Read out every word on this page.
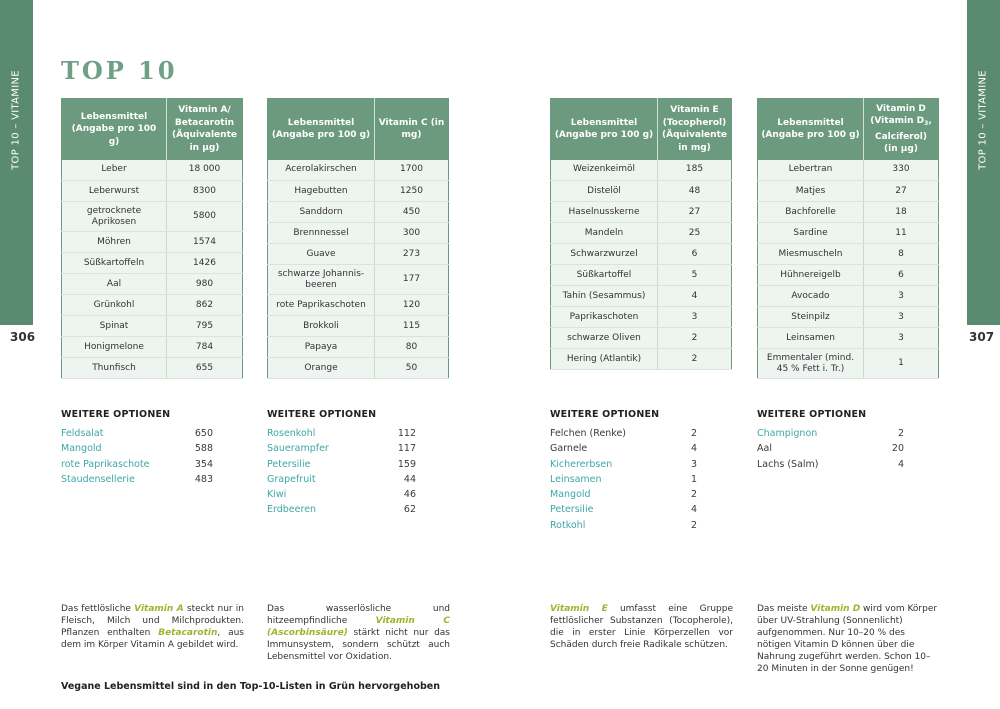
TOP 10 – VITAMINE	TOP 10 – VITAMINE
306	307
TOP 10
Lebensmittel (Angabe pro 100 g)	Vitamin A/ Betacarotin (Äquivalente in µg)
Leber	18 000
Leberwurst	8300
getrocknete Aprikosen	5800
Möhren	1574
Süßkartoffeln	1426
Aal	980
Grünkohl	862
Spinat	795
Honigmelone	784
Thunfisch	655
Lebensmittel (Angabe pro 100 g)	Vitamin C (in mg)
Acerolakirschen	1700
Hagebutten	1250
Sanddorn	450
Brennnessel	300
Guave	273
schwarze Johannis-beeren	177
rote Paprikaschoten	120
Brokkoli	115
Papaya	80
Orange	50
Lebensmittel (Angabe pro 100 g)	Vitamin E (Tocopherol) (Äquivalente in mg)
Weizenkeimöl	185
Distelöl	48
Haselnusskerne	27
Mandeln	25
Schwarzwurzel	6
Süßkartoffel	5
Tahin (Sesammus)	4
Paprikaschoten	3
schwarze Oliven	2
Hering (Atlantik)	2
Lebensmittel (Angabe pro 100 g)	Vitamin D (Vitamin $D_3$, Calciferol) (in µg)
Lebertran	330
Matjes	27
Bachforelle	18
Sardine	11
Miesmuscheln	8
Hühnereigelb	6
Avocado	3
Steinpilz	3
Leinsamen	3
Emmentaler (mind. 45 % Fett i. Tr.)	1
WEITERE OPTIONEN
Feldsalat	650
Mangold	588
rote Paprikaschote	354
Staudensellerie	483
WEITERE OPTIONEN
Rosenkohl	112
Sauerampfer	117
Petersilie	159
Grapefruit	44
Kiwi	46
Erdbeeren	62
WEITERE OPTIONEN
Felchen (Renke)	2
Garnele	4
Kichererbsen	3
Leinsamen	1
Mangold	2
Petersilie	4
Rotkohl	2
WEITERE OPTIONEN
Champignon	2
Aal	20
Lachs (Salm)	4
Das fettlösliche Vitamin A steckt nur in Fleisch, Milch und Milchprodukten. Pflanzen enthalten Betacarotin, aus dem im Körper Vitamin A gebildet wird.
Das wasserlösliche und hitzeempfindliche Vitamin C (Ascorbinsäure) stärkt nicht nur das Immunsystem, sondern schützt auch Lebensmittel vor Oxidation.
Vitamin E umfasst eine Gruppe fettlöslicher Substanzen (Tocopherole), die in erster Linie Körperzellen vor Schäden durch freie Radikale schützen.
Das meiste Vitamin D wird vom Körper über UV-Strahlung (Sonnenlicht) aufgenommen. Nur 10–20 % des nötigen Vitamin D können über die Nahrung zugeführt werden. Schon 10–20 Minuten in der Sonne genügen!
Vegane Lebensmittel sind in den Top-10-Listen in Grün hervorgehoben
